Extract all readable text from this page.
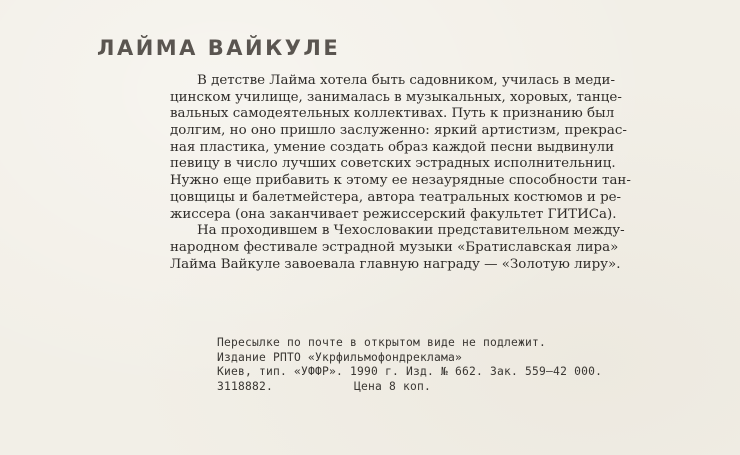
ЛАЙМА ВАЙКУЛЕ
В детстве Лайма хотела быть садовником, училась в меди-
цинском училище, занималась в музыкальных, хоровых, танце-
вальных самодеятельных коллективах. Путь к признанию был
долгим, но оно пришло заслуженно: яркий артистизм, прекрас-
ная пластика, умение создать образ каждой песни выдвинули
певицу в число лучших советских эстрадных исполнительниц.
Нужно еще прибавить к этому ее незаурядные способности тан-
цовщицы и балетмейстера, автора театральных костюмов и ре-
жиссера (она заканчивает режиссерский факультет ГИТИСа).
На проходившем в Чехословакии представительном между-
народном фестивале эстрадной музыки «Братиславская лира»
Лайма Вайкуле завоевала главную награду — «Золотую лиру».
Пересылке по почте в открытом виде не подлежит.
Издание РПТО «Укрфильмофондреклама»
Киев, тип. «УФФР». 1990 г. Изд. № 662. Зак. 559—42 000.
3118882.	Цена 8 коп.
